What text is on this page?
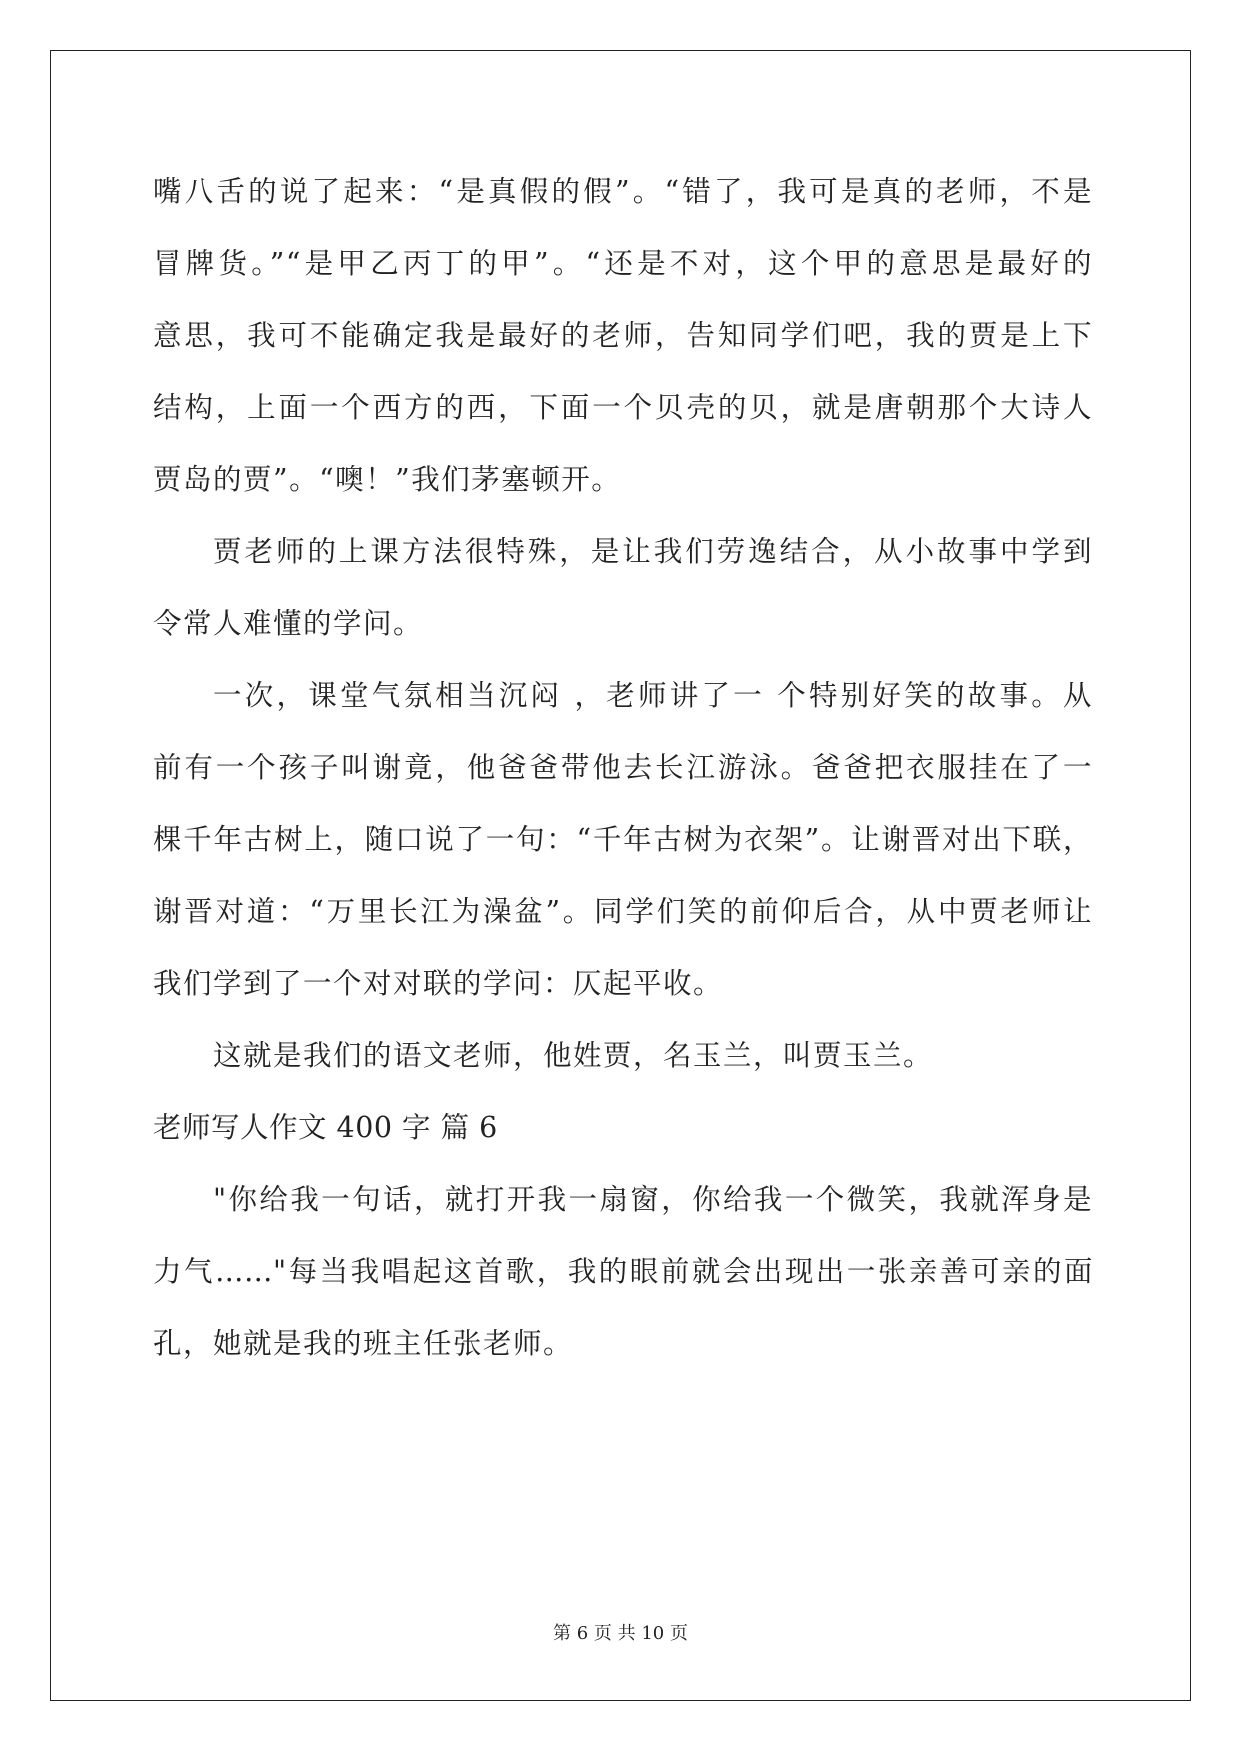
嘴八舌的说了起来：“是真假的假”。“错了，我可是真的老师，不是
冒牌货。”“是甲乙丙丁的甲”。“还是不对，这个甲的意思是最好的
意思，我可不能确定我是最好的老师，告知同学们吧，我的贾是上下
结构，上面一个西方的西，下面一个贝壳的贝，就是唐朝那个大诗人
贾岛的贾”。“噢！”我们茅塞顿开。
贾老师的上课方法很特殊，是让我们劳逸结合，从小故事中学到
令常人难懂的学问。
一次，课堂气氛相当沉闷 ，老师讲了一 个特别好笑的故事。从
前有一个孩子叫谢竟，他爸爸带他去长江游泳。爸爸把衣服挂在了一
棵千年古树上，随口说了一句：“千年古树为衣架”。让谢晋对出下联，
谢晋对道：“万里长江为澡盆”。同学们笑的前仰后合，从中贾老师让
我们学到了一个对对联的学问：仄起平收。
这就是我们的语文老师，他姓贾，名玉兰，叫贾玉兰。
老师写人作文 400 字 篇 6
"你给我一句话，就打开我一扇窗，你给我一个微笑，我就浑身是
力气……"每当我唱起这首歌，我的眼前就会出现出一张亲善可亲的面
孔，她就是我的班主任张老师。
第 6 页 共 10 页
